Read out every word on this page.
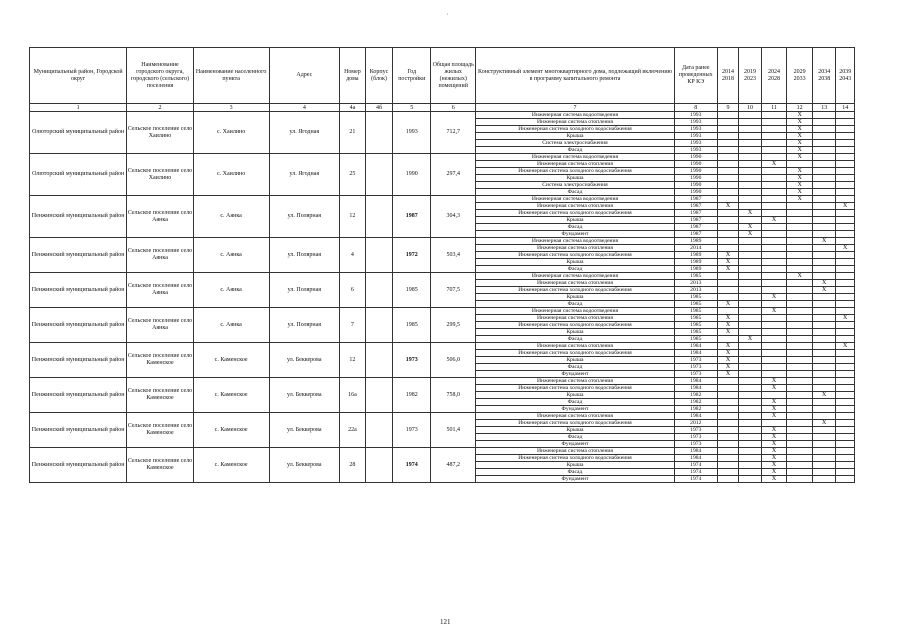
'
Муниципальный район, Городской округ	Наименование городского округа, городского (сельского) поселения	Наименование населенного пункта	Адрес	Номер дома	Корпус (блок)	Год постройки	Общая площадь жилых (нежилых) помещений	Конструктивный элемент многоквартирного дома, подлежащий включению в программу капитального ремонта	Дата ранее проведенных КР КЭ	2014 2018	2019 2023	2024 2028	2029 2033	2034 2038	2039 2043
1	2	3	4	4а	4б	5	6	7	8	9	10	11	12	13	14
Олюторский муниципальный район	Сельское поселение село Хаилино	с. Хаилино	ул. Ягодная	21		1993	712,7	Инженерная система водоотведения	1993				X		
								Инженерная система отопления	1993				X		
								Инженерная система холодного водоснабжения	1993				X		
								Крыша	1993				X		
								Система электроснабжения	1993				X		
								Фасад	1993				X		
Олюторский муниципальный район	Сельское поселение село Хаилино	с. Хаилино	ул. Ягодная	25		1990	297,4	Инженерная система водоотведения	1990				X		
								Инженерная система отопления	1990			X			
								Инженерная система холодного водоснабжения	1990				X		
								Крыша	1990				X		
								Система электроснабжения	1990				X		
								Фасад	1990				X		
Пенжинский муниципальный район	Сельское поселение село Аянка	с. Аянка	ул. Полярная	12		1987	304,3	Инженерная система водоотведения	1987				X		
								Инженерная система отопления	1987	X					X
								Инженерная система холодного водоснабжения	1987		X				
								Крыша	1987			X			
								Фасад	1987		X				
								Фундамент	1987		X				
Пенжинский муниципальный район	Сельское поселение село Аянка	с. Аянка	ул. Полярная	4		1972	503,4	Инженерная система водоотведения	1989					X	
								Инженерная система отопления	2014						X
								Инженерная система холодного водоснабжения	1989	X					
								Крыша	1989	X					
								Фасад	1989	X					
Пенжинский муниципальный район	Сельское поселение село Аянка	с. Аянка	ул. Полярная	6		1985	707,5	Инженерная система водоотведения	1985				X		
								Инженерная система отопления	2013					X	
								Инженерная система холодного водоснабжения	2013					X	
								Крыша	1985			X			
								Фасад	1985	X					
Пенжинский муниципальный район	Сельское поселение село Аянка	с. Аянка	ул. Полярная	7		1985	299,5	Инженерная система водоотведения	1985			X			
								Инженерная система отопления	1985	X					X
								Инженерная система холодного водоснабжения	1985	X					
								Крыша	1985	X					
								Фасад	1985		X				
Пенжинский муниципальный район	Сельское поселение село Каменское	с. Каменское	ул. Беккерова	12		1973	506,0	Инженерная система отопления	1984	X					X
								Инженерная система холодного водоснабжения	1984	X					
								Крыша	1973	X					
								Фасад	1973	X					
								Фундамент	1973	X					
Пенжинский муниципальный район	Сельское поселение село Каменское	с. Каменское	ул. Беккерова	16а		1982	758,0	Инженерная система отопления	1984			X			
								Инженерная система холодного водоснабжения	1984			X			
								Крыша	1982					X	
								Фасад	1982			X			
								Фундамент	1982			X			
Пенжинский муниципальный район	Сельское поселение село Каменское	с. Каменское	ул. Беккерова	22а		1973	501,4	Инженерная система отопления	1984			X			
								Инженерная система холодного водоснабжения	2012					X	
								Крыша	1973			X			
								Фасад	1973			X			
								Фундамент	1973			X			
Пенжинский муниципальный район	Сельское поселение село Каменское	с. Каменское	ул. Беккерова	28		1974	487,2	Инженерная система отопления	1984			X			
								Инженерная система холодного водоснабжения	1984			X			
								Крыша	1974			X			
								Фасад	1974			X			
								Фундамент	1974			X			
121
